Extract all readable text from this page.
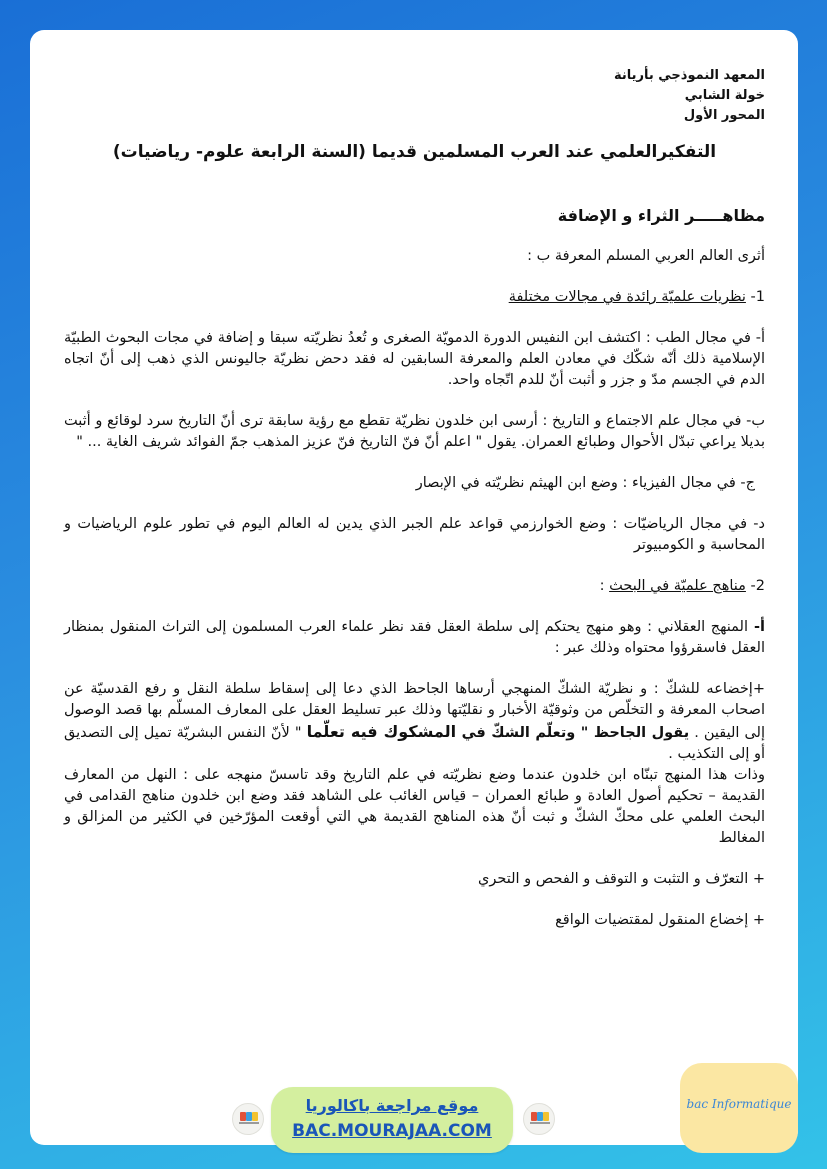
المعهد النموذجي بأريانة
خولة الشابي
المحور الأول
التفكيرالعلمي عند العرب المسلمين قديما (السنة الرابعة علوم- رياضيات)
مظاهـــــر الثراء و الإضافة

أثرى العالم العربي المسلم المعرفة ب :

1- نظريات علميّة رائدة في مجالات مختلفة

أ- في مجال الطب : اكتشف ابن النفيس الدورة الدمويّة الصغرى و تُعدُ نظريّته سبقا و إضافة في مجات البحوث الطبيّة الإسلامية ذلك أنّه شكّك في معادن العلم والمعرفة السابقين له فقد دحض نظريّة جاليونس الذي ذهب إلى أنّ اتجاه الدم في الجسم مدّ و جزر و أثبت أنّ للدم اتّجاه واحد.

ب- في مجال علم الاجتماع و التاريخ : أرسى ابن خلدون نظريّة تقطع مع رؤية سابقة ترى أنّ التاريخ سرد لوقائع و أثبت بديلا يراعي تبدّل الأحوال وطبائع العمران. يقول " اعلم أنّ فنّ التاريخ فنّ عزيز المذهب جمّ الفوائد شريف الغاية ... "

ج- في مجال الفيزياء : وضع ابن الهيثم نظريّته في الإبصار

د- في مجال الرياضيّات : وضع الخوارزمي قواعد علم الجبر الذي يدين له العالم اليوم في تطور علوم الرياضيات و المحاسبة و الكومبيوتر

2- مناهج علميّة في البحث :

أ- المنهج العقلاني : وهو منهج يحتكم إلى سلطة العقل فقد نظر علماء العرب المسلمون إلى التراث المنقول بمنظار العقل فاسقرؤوا محتواه وذلك عبر :

+إخضاعه للشكّ : و نظريّة الشكّ المنهجي أرساها الجاحظ الذي دعا إلى إسقاط سلطة النقل و رفع القدسيّة عن اصحاب المعرفة و التخلّص من وثوقيّة الأخبار و نقليّتها وذلك عبر تسليط العقل على المعارف المسلّم بها قصد الوصول إلى اليقين . يقول الجاحظ " وتعلّم الشكّ في المشكوك فيه تعلّما " لأنّ النفس البشريّة تميل إلى التصديق أو إلى التكذيب .

وذات هذا المنهج تبنّاه ابن خلدون عندما وضع نظريّته في علم التاريخ وقد تاسسّ منهجه على : النهل من المعارف القديمة – تحكيم أصول العادة و طبائع العمران – قياس الغائب على الشاهد فقد وضع ابن خلدون مناهج القدامى في البحث العلمي على محكّ الشكّ و ثبت أنّ هذه المناهج القديمة هي التي أوقعت المؤرّخين في الكثير من المزالق و المغالط

+ التعرّف و التثبت و التوقف و الفحص و التحري

+ إخضاع المنقول لمقتضيات الواقع

موقع مراجعة باكالوريا
BAC.MOURAJAA.COM
bac Informatique
